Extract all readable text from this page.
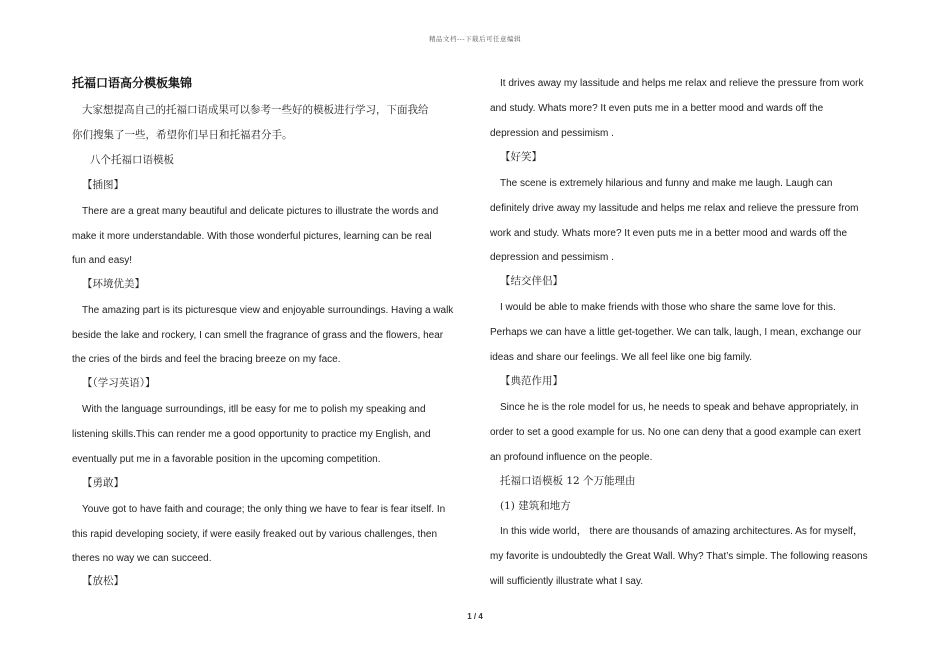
精品文档---下载后可任意编辑
托福口语高分模板集锦
大家想提高自己的托福口语成果可以参考一些好的模板进行学习，下面我给
你们搜集了一些，希望你们早日和托福君分手。
八个托福口语模板
【插图】
There are a great many beautiful and delicate pictures to illustrate the words and
make it more understandable. With those wonderful pictures, learning can be real
fun and easy!
【环境优美】
The amazing part is its picturesque view and enjoyable surroundings. Having a walk
beside the lake and rockery, I can smell the fragrance of grass and the flowers, hear
the cries of the birds and feel the bracing breeze on my face.
【（学习英语）】
With the language surroundings, itll be easy for me to polish my speaking and
listening skills.This can render me a good opportunity to practice my English, and
eventually put me in a favorable position in the upcoming competition.
【勇敢】
Youve got to have faith and courage; the only thing we have to fear is fear itself. In
this rapid developing society, if were easily freaked out by various challenges, then
theres no way we can succeed.
【放松】
It drives away my lassitude and helps me relax and relieve the pressure from work
and study. Whats more? It even puts me in a better mood and wards off the
depression and pessimism .
【好笑】
The scene is extremely hilarious and funny and make me laugh. Laugh can
definitely drive away my lassitude and helps me relax and relieve the pressure from
work and study. Whats more? It even puts me in a better mood and wards off the
depression and pessimism .
【结交伴侣】
I would be able to make friends with those who share the same love for this.
Perhaps we can have a little get-together. We can talk, laugh, I mean, exchange our
ideas and share our feelings. We all feel like one big family.
【典范作用】
Since he is the role model for us, he needs to speak and behave appropriately, in
order to set a good example for us. No one can deny that a good example can exert
an profound influence on the people.
托福口语模板 12 个万能理由
(1) 建筑和地方
In this wide world， there are thousands of amazing architectures. As for myself，
my favorite is undoubtedly the Great Wall. Why? That’s simple. The following reasons
will sufficiently illustrate what I say.
1 / 4
